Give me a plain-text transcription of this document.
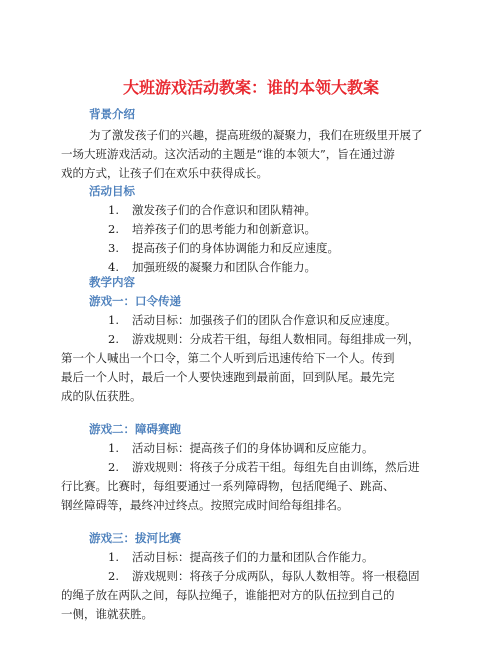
大班游戏活动教案：谁的本领大教案
背景介绍
为了激发孩子们的兴趣，提高班级的凝聚力，我们在班级里开展了
一场大班游戏活动。这次活动的主题是“谁的本领大”，旨在通过游
戏的方式，让孩子们在欢乐中获得成长。
活动目标
1. 激发孩子们的合作意识和团队精神。
2. 培养孩子们的思考能力和创新意识。
3. 提高孩子们的身体协调能力和反应速度。
4. 加强班级的凝聚力和团队合作能力。
教学内容
游戏一：口令传递
1. 活动目标：加强孩子们的团队合作意识和反应速度。
2. 游戏规则：分成若干组，每组人数相同。每组排成一列，
第一个人喊出一个口令，第二个人听到后迅速传给下一个人。传到
最后一个人时，最后一个人要快速跑到最前面，回到队尾。最先完
成的队伍获胜。
游戏二：障碍赛跑
1. 活动目标：提高孩子们的身体协调和反应能力。
2. 游戏规则：将孩子分成若干组。每组先自由训练，然后进
行比赛。比赛时，每组要通过一系列障碍物，包括爬绳子、跳高、
钢丝障碍等，最终冲过终点。按照完成时间给每组排名。
游戏三：拔河比赛
1. 活动目标：提高孩子们的力量和团队合作能力。
2. 游戏规则：将孩子分成两队，每队人数相等。将一根稳固
的绳子放在两队之间，每队拉绳子，谁能把对方的队伍拉到自己的
一侧，谁就获胜。
